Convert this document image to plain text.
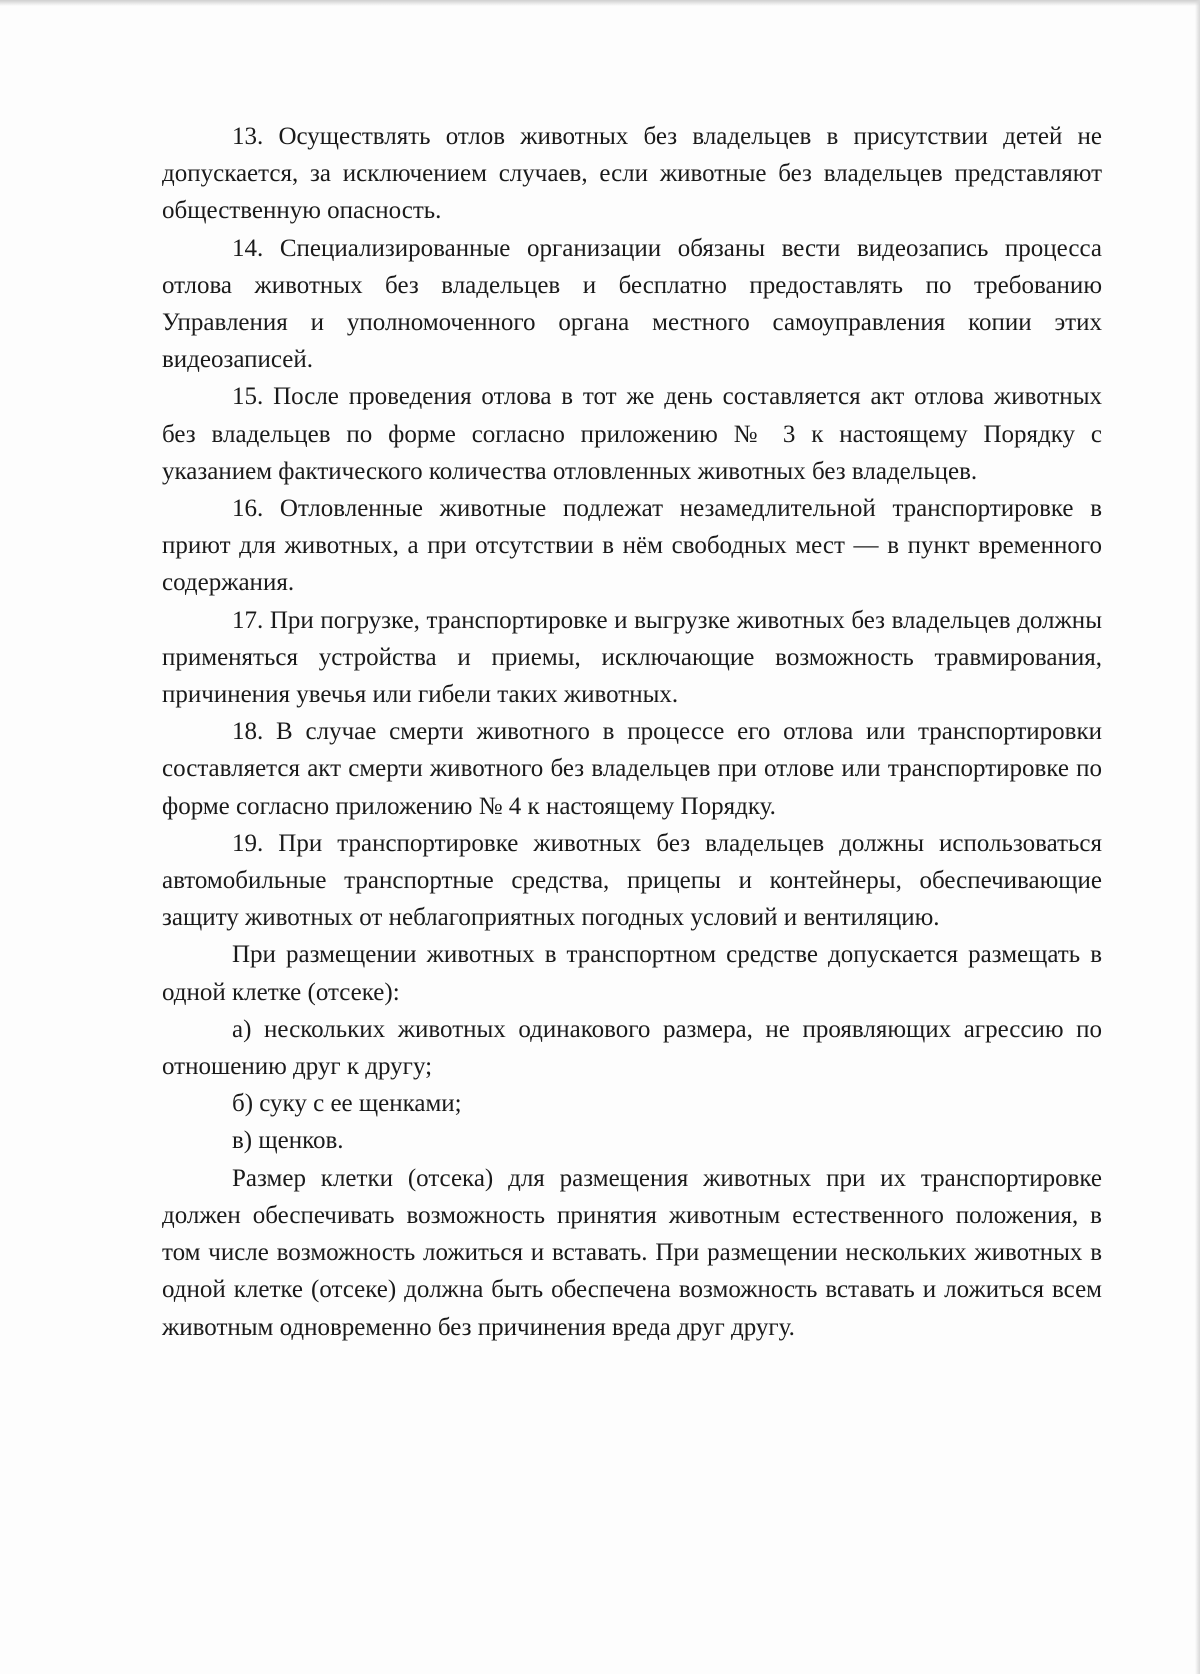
13. Осуществлять отлов животных без владельцев в присутствии детей не допускается, за исключением случаев, если животные без владельцев представляют общественную опасность.

14. Специализированные организации обязаны вести видеозапись процесса отлова животных без владельцев и бесплатно предоставлять по требованию Управления и уполномоченного органа местного самоуправления копии этих видеозаписей.

15. После проведения отлова в тот же день составляется акт отлова животных без владельцев по форме согласно приложению № 3 к настоящему Порядку с указанием фактического количества отловленных животных без владельцев.

16. Отловленные животные подлежат незамедлительной транспортировке в приют для животных, а при отсутствии в нём свободных мест — в пункт временного содержания.

17. При погрузке, транспортировке и выгрузке животных без владельцев должны применяться устройства и приемы, исключающие возможность травмирования, причинения увечья или гибели таких животных.

18. В случае смерти животного в процессе его отлова или транспортировки составляется акт смерти животного без владельцев при отлове или транспортировке по форме согласно приложению № 4 к настоящему Порядку.

19. При транспортировке животных без владельцев должны использоваться автомобильные транспортные средства, прицепы и контейнеры, обеспечивающие защиту животных от неблагоприятных погодных условий и вентиляцию.

При размещении животных в транспортном средстве допускается размещать в одной клетке (отсеке):

а) нескольких животных одинакового размера, не проявляющих агрессию по отношению друг к другу;

б) суку с ее щенками;

в) щенков.

Размер клетки (отсека) для размещения животных при их транспортировке должен обеспечивать возможность принятия животным естественного положения, в том числе возможность ложиться и вставать. При размещении нескольких животных в одной клетке (отсеке) должна быть обеспечена возможность вставать и ложиться всем животным одновременно без причинения вреда друг другу.
